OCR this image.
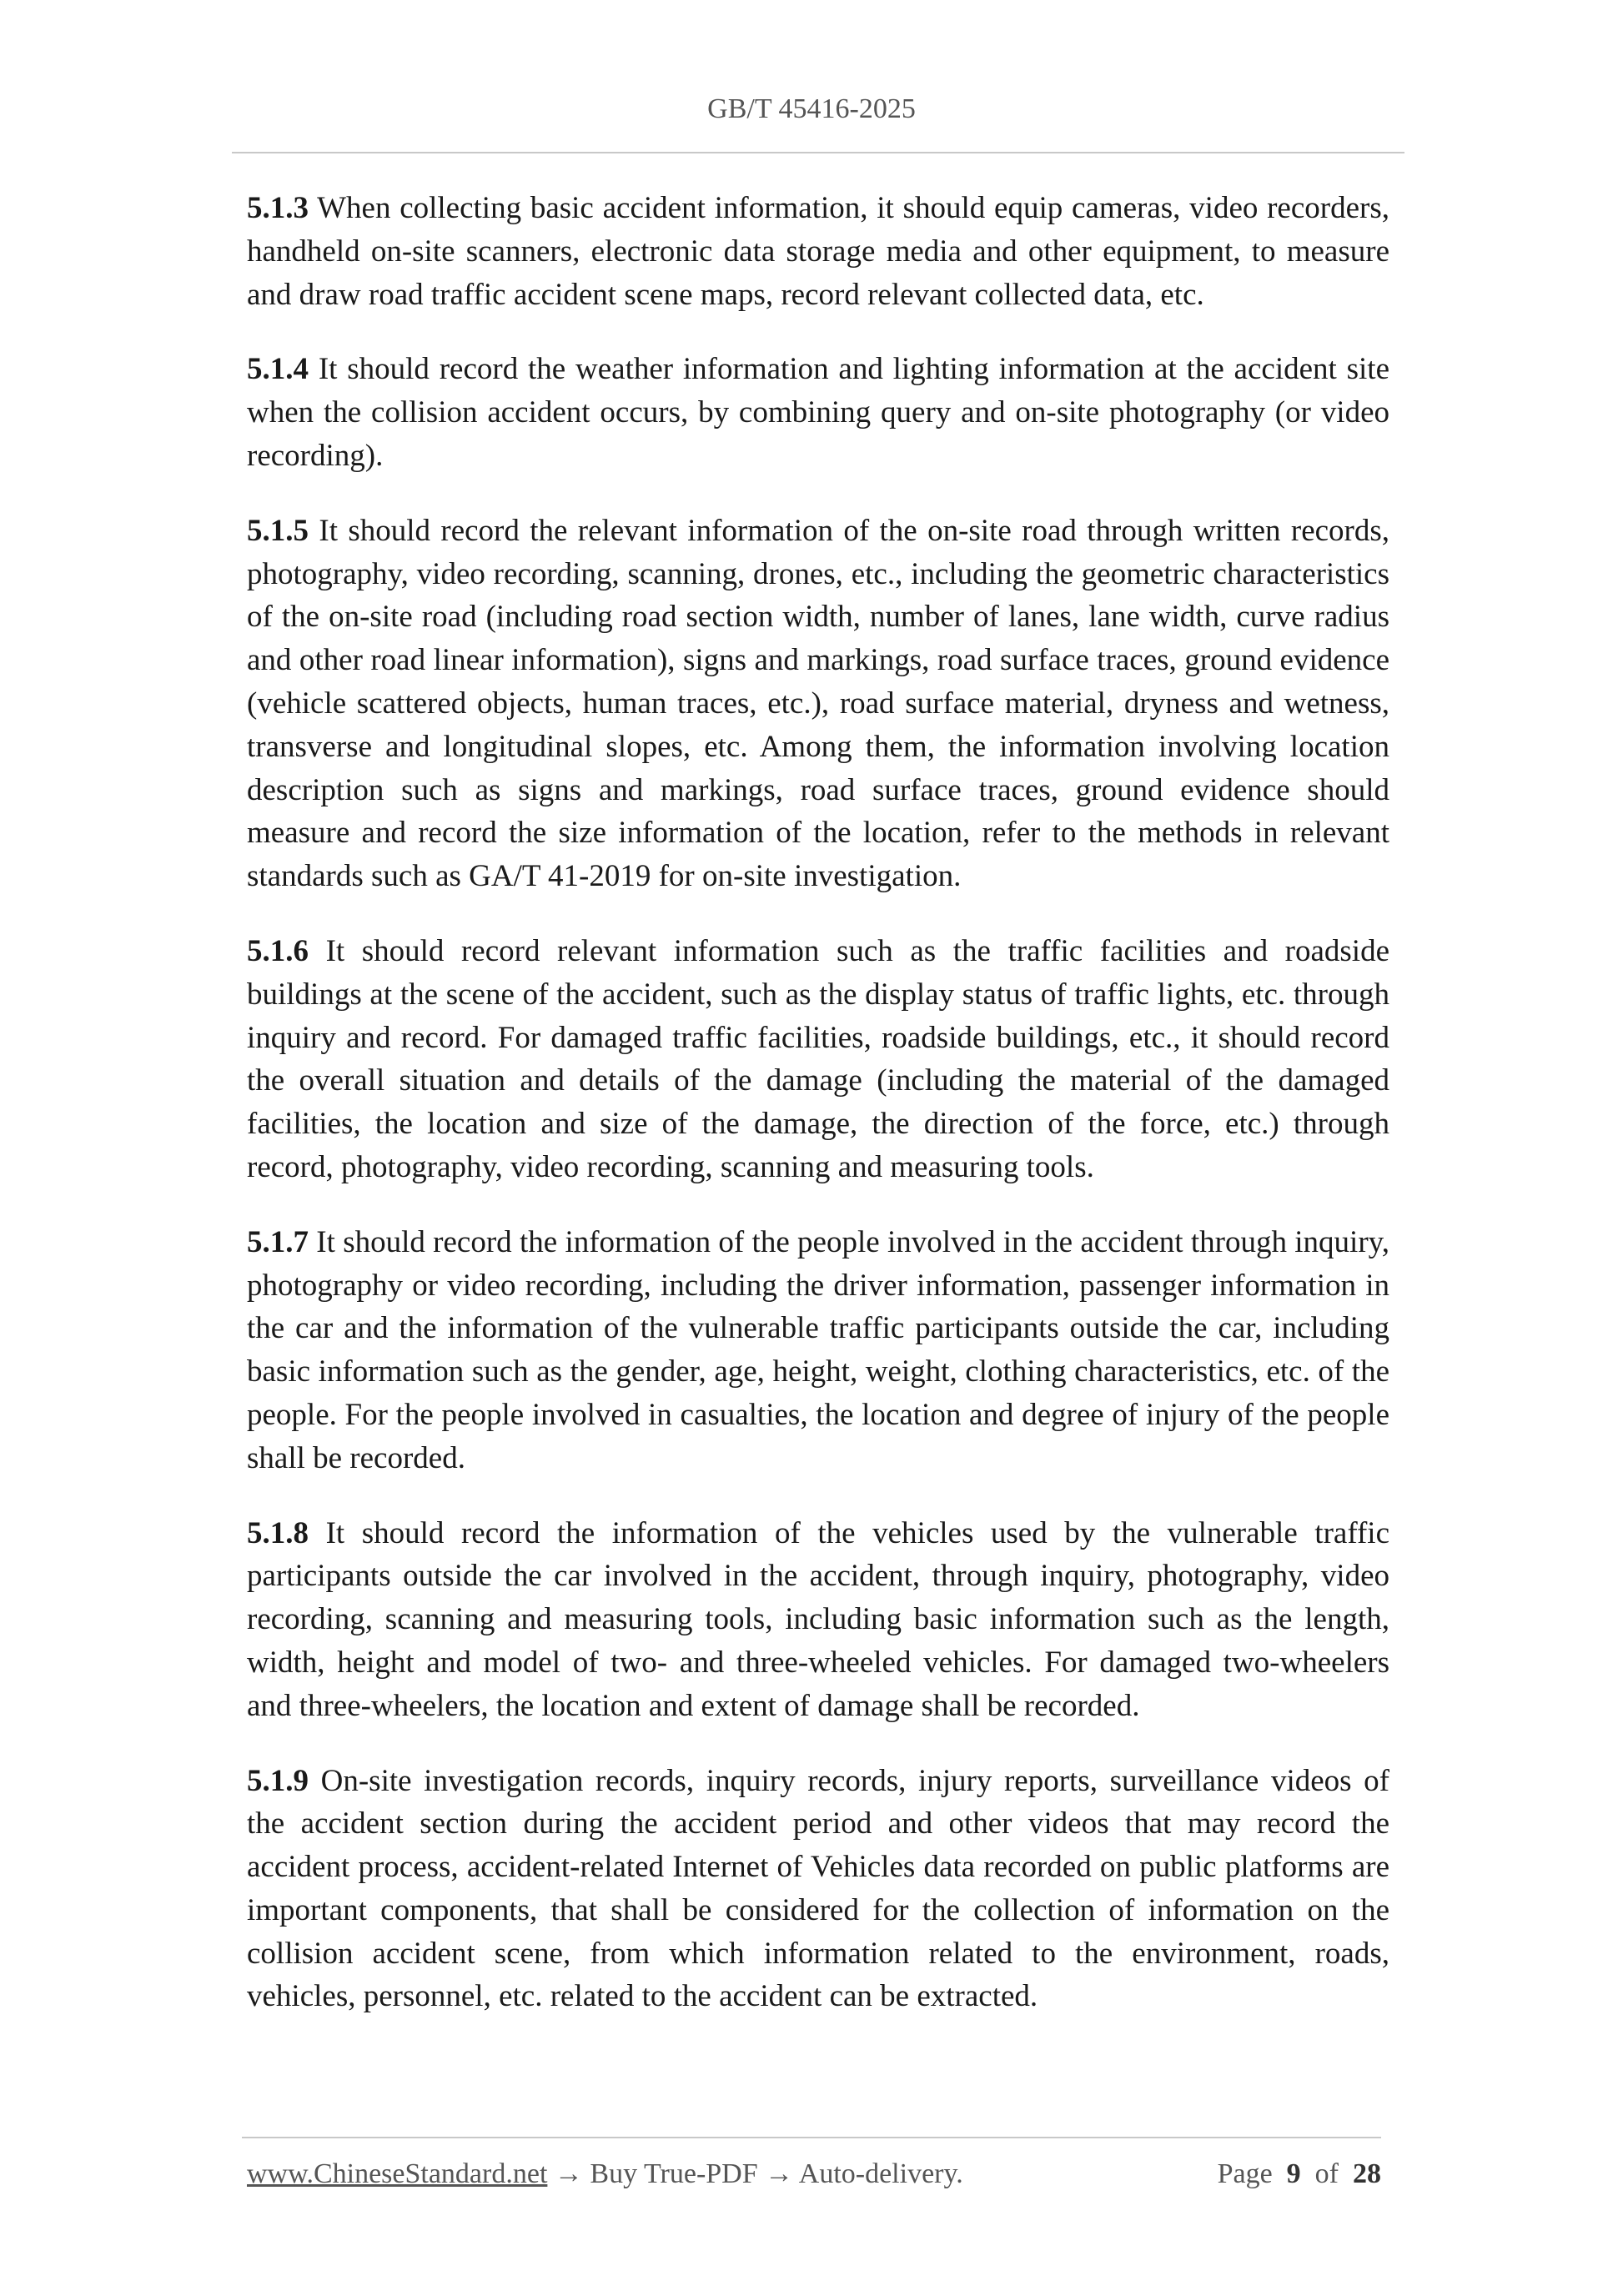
GB/T 45416-2025

5.1.3 When collecting basic accident information, it should equip cameras, video recorders, handheld on-site scanners, electronic data storage media and other equipment, to measure and draw road traffic accident scene maps, record relevant collected data, etc.

5.1.4 It should record the weather information and lighting information at the accident site when the collision accident occurs, by combining query and on-site photography (or video recording).

5.1.5 It should record the relevant information of the on-site road through written records, photography, video recording, scanning, drones, etc., including the geometric characteristics of the on-site road (including road section width, number of lanes, lane width, curve radius and other road linear information), signs and markings, road surface traces, ground evidence (vehicle scattered objects, human traces, etc.), road surface material, dryness and wetness, transverse and longitudinal slopes, etc. Among them, the information involving location description such as signs and markings, road surface traces, ground evidence should measure and record the size information of the location, refer to the methods in relevant standards such as GA/T 41-2019 for on-site investigation.

5.1.6 It should record relevant information such as the traffic facilities and roadside buildings at the scene of the accident, such as the display status of traffic lights, etc. through inquiry and record. For damaged traffic facilities, roadside buildings, etc., it should record the overall situation and details of the damage (including the material of the damaged facilities, the location and size of the damage, the direction of the force, etc.) through record, photography, video recording, scanning and measuring tools.

5.1.7 It should record the information of the people involved in the accident through inquiry, photography or video recording, including the driver information, passenger information in the car and the information of the vulnerable traffic participants outside the car, including basic information such as the gender, age, height, weight, clothing characteristics, etc. of the people. For the people involved in casualties, the location and degree of injury of the people shall be recorded.

5.1.8 It should record the information of the vehicles used by the vulnerable traffic participants outside the car involved in the accident, through inquiry, photography, video recording, scanning and measuring tools, including basic information such as the length, width, height and model of two- and three-wheeled vehicles. For damaged two-wheelers and three-wheelers, the location and extent of damage shall be recorded.

5.1.9 On-site investigation records, inquiry records, injury reports, surveillance videos of the accident section during the accident period and other videos that may record the accident process, accident-related Internet of Vehicles data recorded on public platforms are important components, that shall be considered for the collection of information on the collision accident scene, from which information related to the environment, roads, vehicles, personnel, etc. related to the accident can be extracted.

www.ChineseStandard.net → Buy True-PDF → Auto-delivery.	Page 9 of 28
